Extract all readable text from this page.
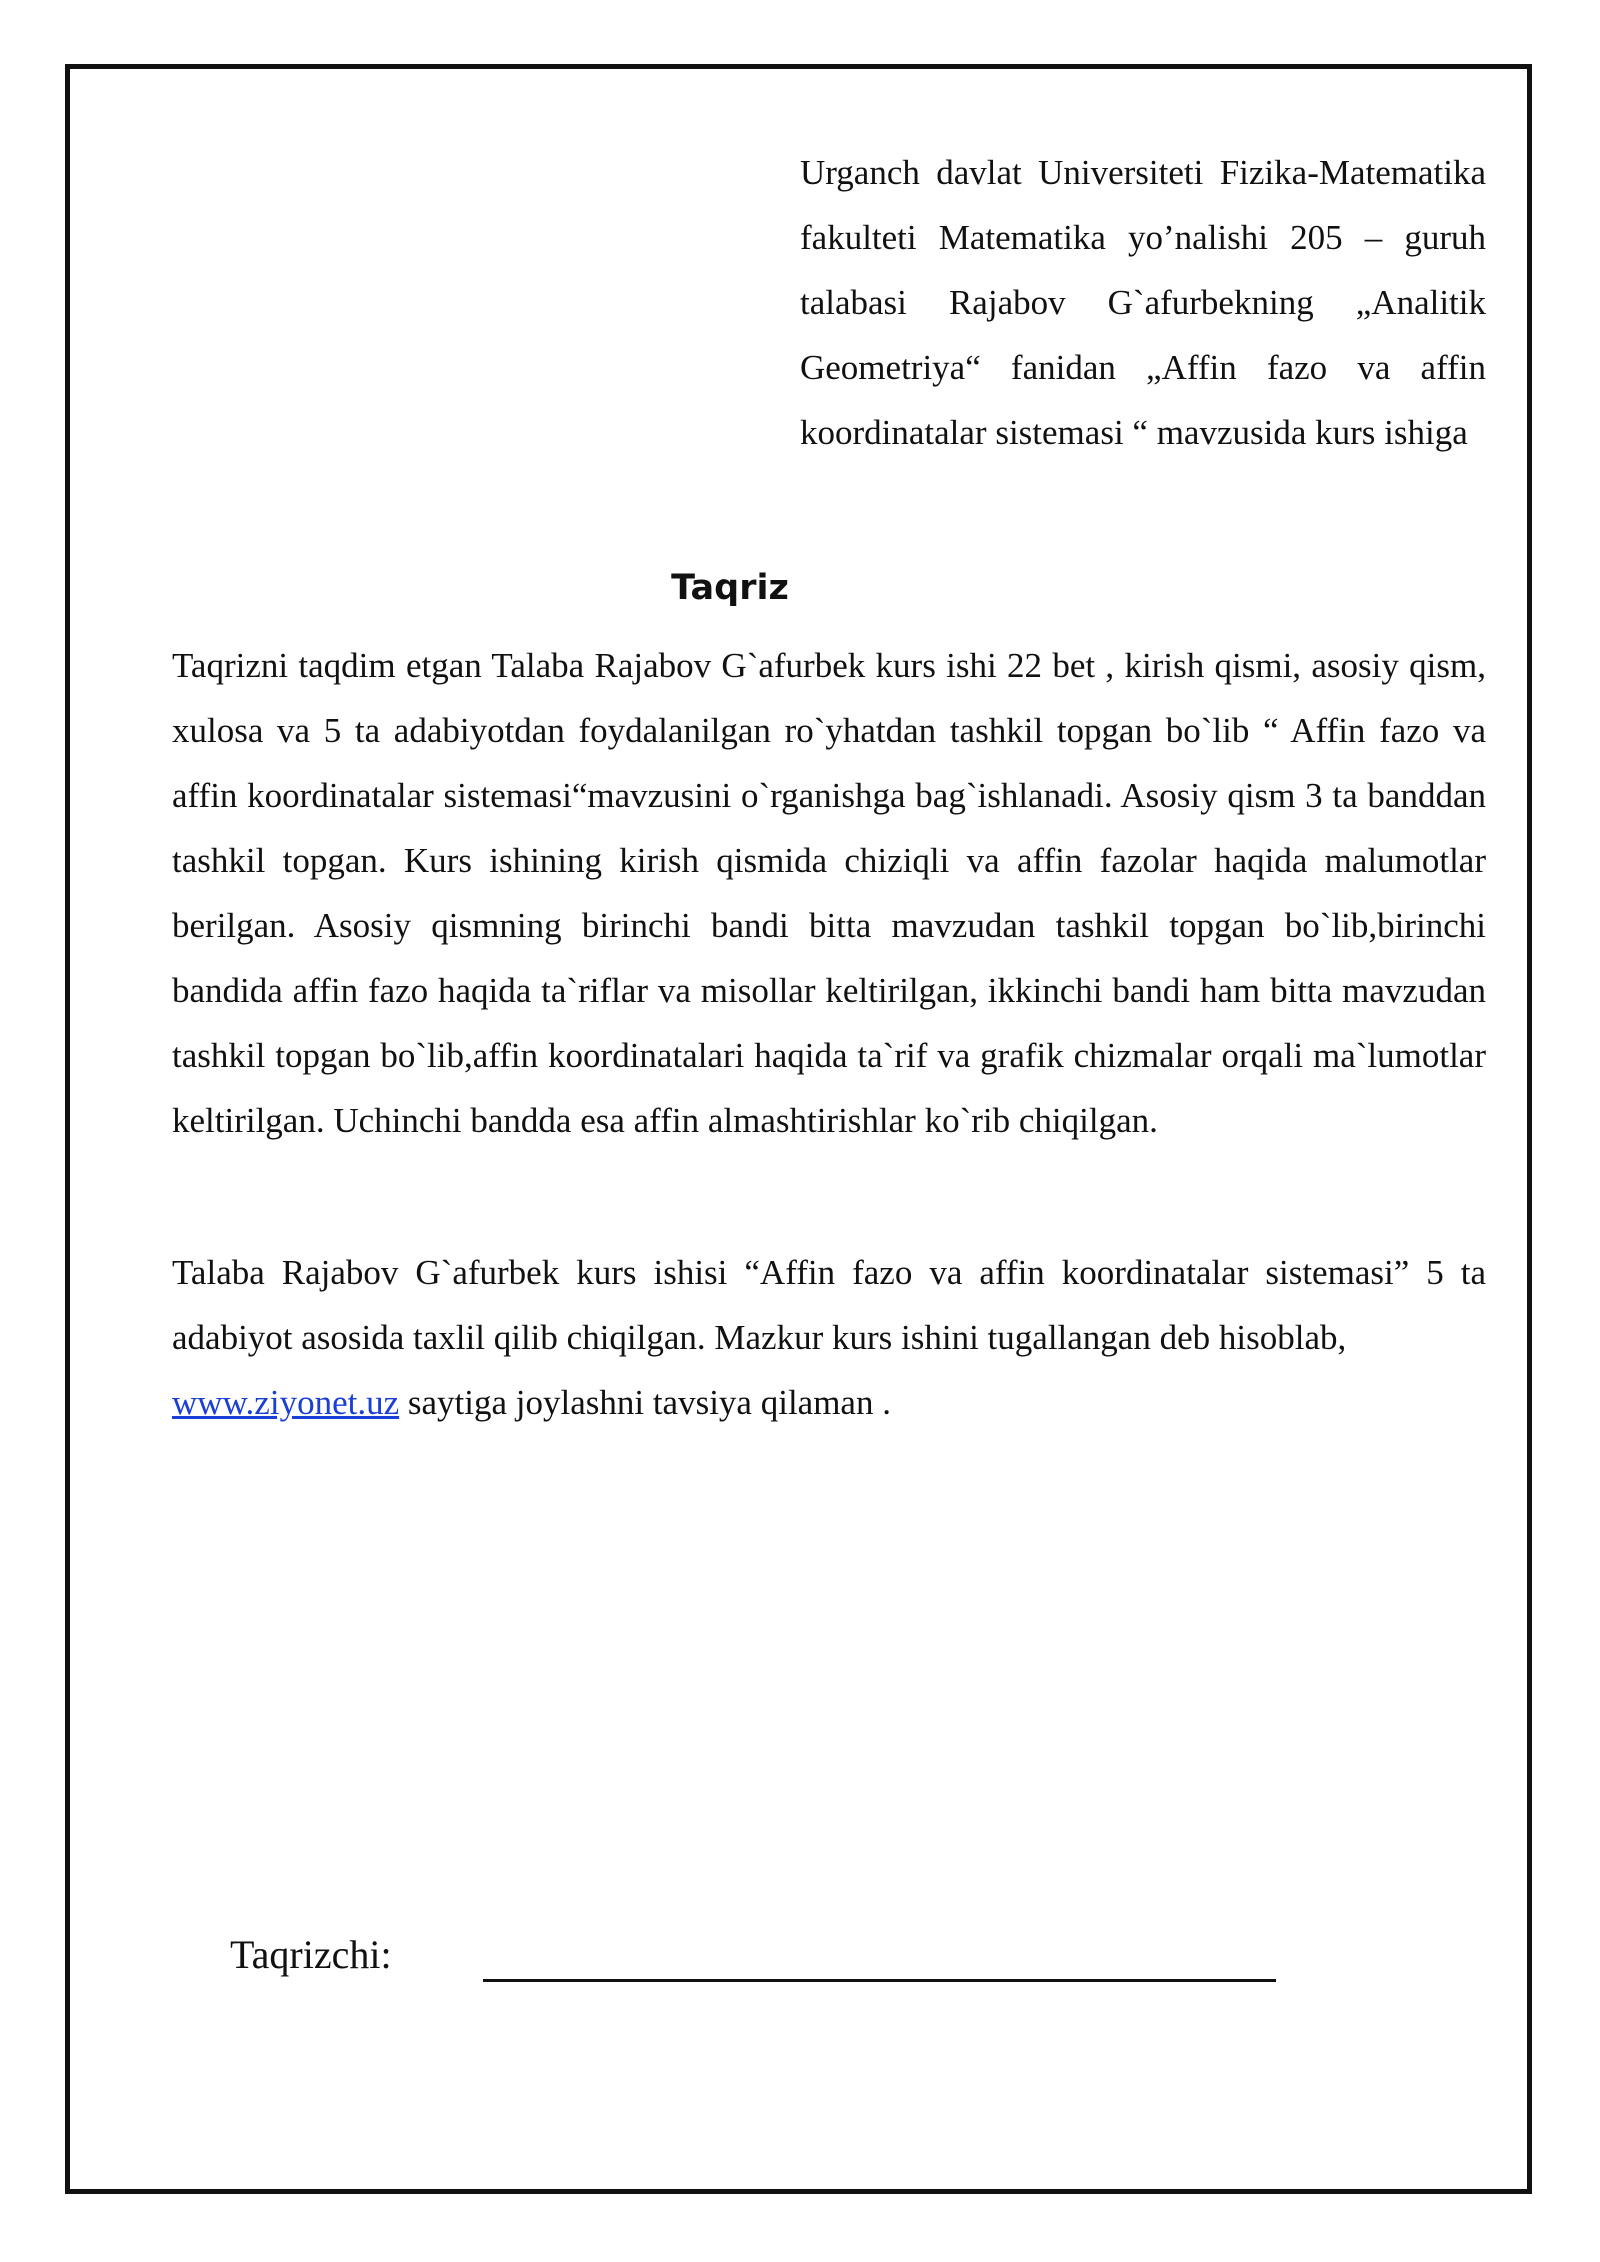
Urganch davlat Universiteti Fizika-Matematika fakulteti Matematika yo’nalishi 205 – guruh talabasi Rajabov G`afurbekning „Analitik Geometriya“ fanidan „Affin fazo va affin koordinatalar sistemasi “ mavzusida kurs ishiga
Taqriz

Taqrizni taqdim etgan Talaba Rajabov G`afurbek kurs ishi 22 bet , kirish qismi, asosiy qism, xulosa va 5 ta adabiyotdan foydalanilgan ro`yhatdan tashkil topgan bo`lib “ Affin fazo va affin koordinatalar sistemasi“mavzusini o`rganishga bag`ishlanadi. Asosiy qism 3 ta banddan tashkil topgan. Kurs ishining kirish qismida chiziqli va affin fazolar haqida malumotlar berilgan. Asosiy qismning birinchi bandi bitta mavzudan tashkil topgan bo`lib,birinchi bandida affin fazo haqida ta`riflar va misollar keltirilgan, ikkinchi bandi ham bitta mavzudan tashkil topgan bo`lib,affin koordinatalari haqida ta`rif va grafik chizmalar orqali ma`lumotlar keltirilgan. Uchinchi bandda esa affin almashtirishlar ko`rib chiqilgan.

Talaba Rajabov G`afurbek kurs ishisi “Affin fazo va affin koordinatalar sistemasi” 5 ta adabiyot asosida taxlil qilib chiqilgan. Mazkur kurs ishini tugallangan deb hisoblab,
www.ziyonet.uz saytiga joylashni tavsiya qilaman .

Taqrizchi:
